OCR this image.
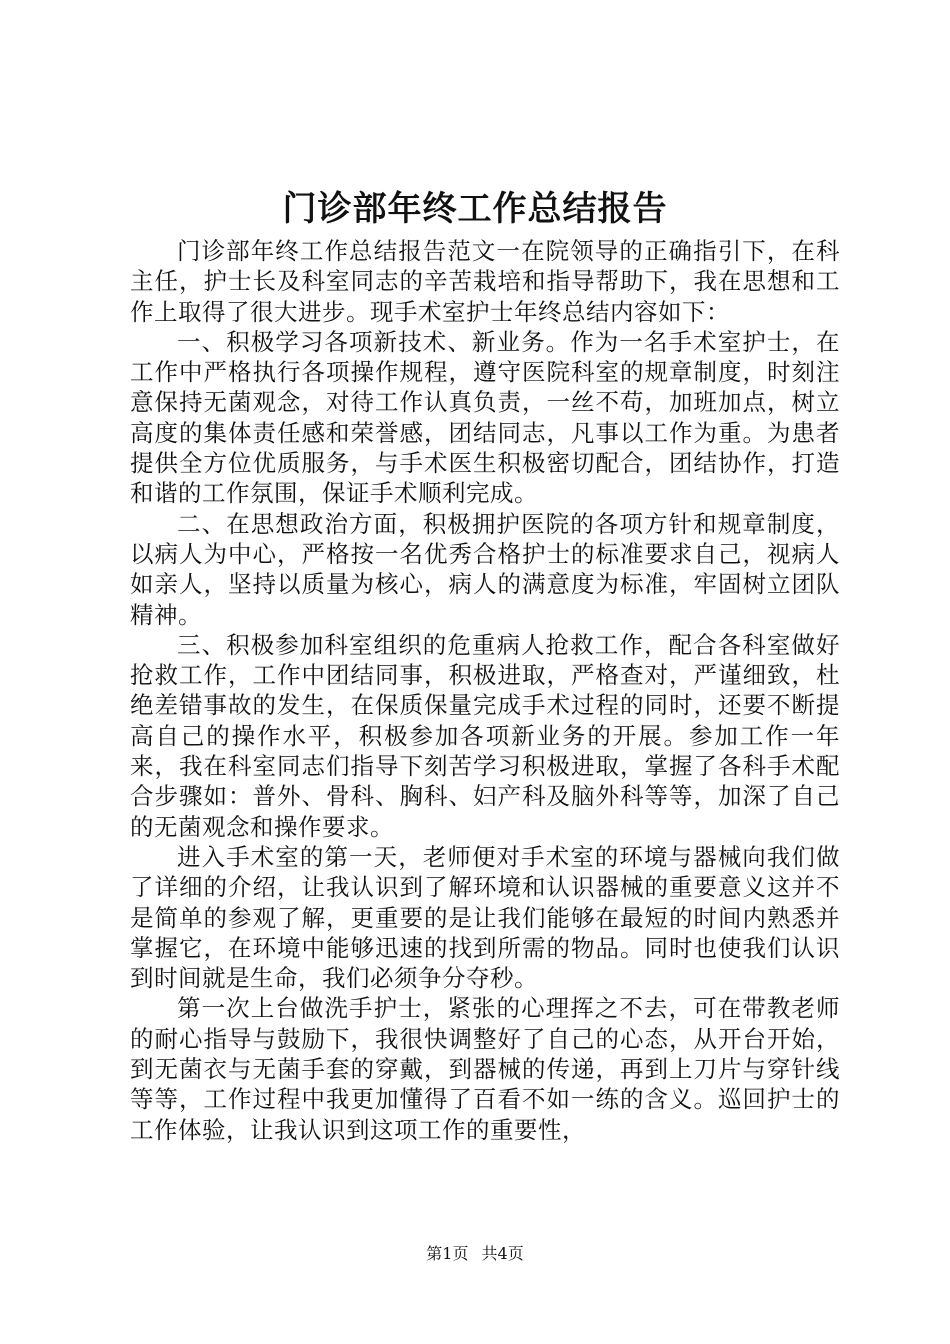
门诊部年终工作总结报告

门诊部年终工作总结报告范文一在院领导的正确指引下，在科主任，护士长及科室同志的辛苦栽培和指导帮助下，我在思想和工作上取得了很大进步。现手术室护士年终总结内容如下：

一、积极学习各项新技术、新业务。作为一名手术室护士，在工作中严格执行各项操作规程，遵守医院科室的规章制度，时刻注意保持无菌观念，对待工作认真负责，一丝不苟，加班加点，树立高度的集体责任感和荣誉感，团结同志，凡事以工作为重。为患者提供全方位优质服务，与手术医生积极密切配合，团结协作，打造和谐的工作氛围，保证手术顺利完成。

二、在思想政治方面，积极拥护医院的各项方针和规章制度，以病人为中心，严格按一名优秀合格护士的标准要求自己，视病人如亲人，坚持以质量为核心，病人的满意度为标准，牢固树立团队精神。

三、积极参加科室组织的危重病人抢救工作，配合各科室做好抢救工作，工作中团结同事，积极进取，严格查对，严谨细致，杜绝差错事故的发生，在保质保量完成手术过程的同时，还要不断提高自己的操作水平，积极参加各项新业务的开展。参加工作一年来，我在科室同志们指导下刻苦学习积极进取，掌握了各科手术配合步骤如：普外、骨科、胸科、妇产科及脑外科等等，加深了自己的无菌观念和操作要求。

进入手术室的第一天，老师便对手术室的环境与器械向我们做了详细的介绍，让我认识到了解环境和认识器械的重要意义这并不是简单的参观了解，更重要的是让我们能够在最短的时间内熟悉并掌握它，在环境中能够迅速的找到所需的物品。同时也使我们认识到时间就是生命，我们必须争分夺秒。

第一次上台做洗手护士，紧张的心理挥之不去，可在带教老师的耐心指导与鼓励下，我很快调整好了自己的心态，从开台开始，到无菌衣与无菌手套的穿戴，到器械的传递，再到上刀片与穿针线等等，工作过程中我更加懂得了百看不如一练的含义。巡回护士的工作体验，让我认识到这项工作的重要性，

第1页 共4页
